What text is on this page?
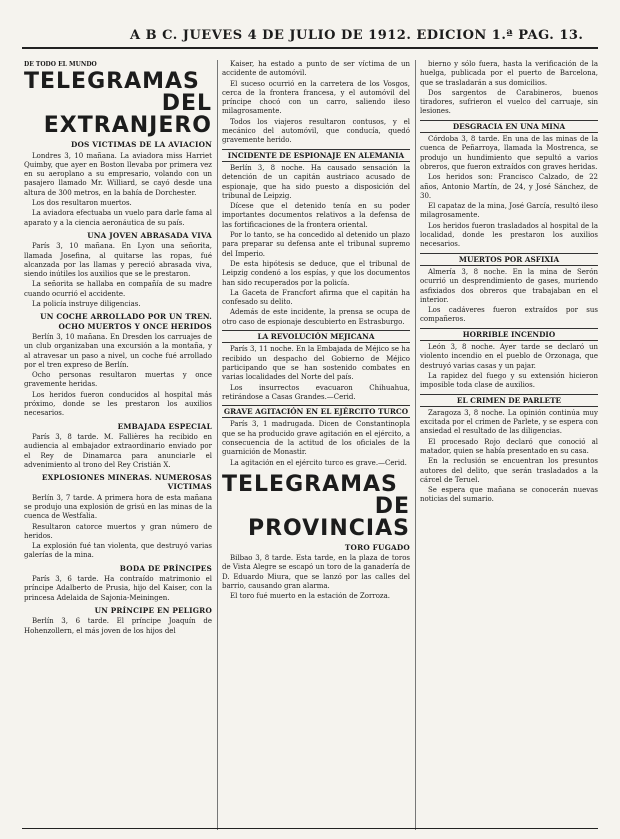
A B C. JUEVES 4 DE JULIO DE 1912. EDICION 1.ª PAG. 13.
DE TODO EL MUNDO
TELEGRAMAS
DEL EXTRANJERO
DOS VICTIMAS DE LA AVIACION

Londres 3, 10 mañana. La aviadora miss Harriet Quimby, que ayer en Boston llevaba por primera vez en su aeroplano a su empresario, volando con un pasajero llamado Mr. Williard, se cayó desde una altura de 300 metros, en la bahía de Dorchester.

Los dos resultaron muertos.

La aviadora efectuaba un vuelo para darle fama al aparato y a la ciencia aeronáutica de su país.

UNA JOVEN ABRASADA VIVA

París 3, 10 mañana. En Lyon una señorita, llamada Josefina, al quitarse las ropas, fué alcanzada por las llamas y pereció abrasada viva, siendo inútiles los auxilios que se le prestaron.

La señorita se hallaba en compañía de su madre cuando ocurrió el accidente.

La policía instruye diligencias.

UN COCHE ARROLLADO POR UN TREN. OCHO MUERTOS Y ONCE HERIDOS

Berlín 3, 10 mañana. En Dresden los carruajes de un club organizaban una excursión a la montaña, y al atravesar un paso a nivel, un coche fué arrollado por el tren expreso de Berlín.

Ocho personas resultaron muertas y once gravemente heridas.

Los heridos fueron conducidos al hospital más próximo, donde se les prestaron los auxilios necesarios.

EMBAJADA ESPECIAL

París 3, 8 tarde. M. Fallières ha recibido en audiencia al embajador extraordinario enviado por el Rey de Dinamarca para anunciarle el advenimiento al trono del Rey Cristián X.

EXPLOSIONES MINERAS. NUMEROSAS VICTIMAS

Berlín 3, 7 tarde. A primera hora de esta mañana se produjo una explosión de grisú en las minas de la cuenca de Westfalia.

Resultaron catorce muertos y gran número de heridos.

La explosión fué tan violenta, que destruyó varias galerías de la mina.

BODA DE PRÍNCIPES

París 3, 6 tarde. Ha contraído matrimonio el príncipe Adalberto de Prusia, hijo del Kaiser, con la princesa Adelaida de Sajonia-Meiningen.

UN PRÍNCIPE EN PELIGRO

Berlín 3, 6 tarde. El príncipe Joaquín de Hohenzollern, el más joven de los hijos del

Kaiser, ha estado a punto de ser víctima de un accidente de automóvil.

El suceso ocurrió en la carretera de los Vosgos, cerca de la frontera francesa, y el automóvil del príncipe chocó con un carro, saliendo ileso milagrosamente.

Todos los viajeros resultaron contusos, y el mecánico del automóvil, que conducía, quedó gravemente herido.

INCIDENTE DE ESPIONAJE EN ALEMANIA

Berlín 3, 8 noche. Ha causado sensación la detención de un capitán austriaco acusado de espionaje, que ha sido puesto a disposición del tribunal de Leipzig.

Dícese que el detenido tenía en su poder importantes documentos relativos a la defensa de las fortificaciones de la frontera oriental.

Por lo tanto, se ha concedido al detenido un plazo para preparar su defensa ante el tribunal supremo del Imperio.

De esta hipótesis se deduce, que el tribunal de Leipzig condenó a los espías, y que los documentos han sido recuperados por la policía.

La Gaceta de Francfort afirma que el capitán ha confesado su delito.

Además de este incidente, la prensa se ocupa de otro caso de espionaje descubierto en Estrasburgo.

LA REVOLUCIÓN MEJICANA

París 3, 11 noche. En la Embajada de Méjico se ha recibido un despacho del Gobierno de Méjico participando que se han sostenido combates en varias localidades del Norte del país.

Los insurrectos evacuaron Chihuahua, retirándose a Casas Grandes.—Cerid.

GRAVE AGITACIÓN EN EL EJÉRCITO TURCO

París 3, 1 madrugada. Dicen de Constantinopla que se ha producido grave agitación en el ejército, a consecuencia de la actitud de los oficiales de la guarnición de Monastir.

La agitación en el ejército turco es grave.—Cerid.

TELEGRAMAS
DE PROVINCIAS
TORO FUGADO

Bilbao 3, 8 tarde. Esta tarde, en la plaza de toros de Vista Alegre se escapó un toro de la ganadería de D. Eduardo Miura, que se lanzó por las calles del barrio, causando gran alarma.

El toro fué muerto en la estación de Zorroza.

bierno y sólo fuera, hasta la verificación de la huelga, publicada por el puerto de Barcelona, que se trasladarán a sus domicilios.

Dos sargentos de Carabineros, buenos tiradores, sufrieron el vuelco del carruaje, sin lesiones.

DESGRACIA EN UNA MINA

Córdoba 3, 8 tarde. En una de las minas de la cuenca de Peñarroya, llamada la Mostrenca, se produjo un hundimiento que sepultó a varios obreros, que fueron extraídos con graves heridas.

Los heridos son: Francisco Calzado, de 22 años, Antonio Martín, de 24, y José Sánchez, de 30.

El capataz de la mina, José García, resultó ileso milagrosamente.

Los heridos fueron trasladados al hospital de la localidad, donde les prestaron los auxilios necesarios.

MUERTOS POR ASFIXIA

Almería 3, 8 noche. En la mina de Serón ocurrió un desprendimiento de gases, muriendo asfixiados dos obreros que trabajaban en el interior.

Los cadáveres fueron extraídos por sus compañeros.

HORRIBLE INCENDIO

León 3, 8 noche. Ayer tarde se declaró un violento incendio en el pueblo de Orzonaga, que destruyó varias casas y un pajar.

La rapidez del fuego y su extensión hicieron imposible toda clase de auxilios.

EL CRIMEN DE PARLETE

Zaragoza 3, 8 noche. La opinión continúa muy excitada por el crimen de Parlete, y se espera con ansiedad el resultado de las diligencias.

El procesado Rojo declaró que conoció al matador, quien se había presentado en su casa.

En la reclusión se encuentran los presuntos autores del delito, que serán trasladados a la cárcel de Teruel.

Se espera que mañana se conocerán nuevas noticias del sumario.
